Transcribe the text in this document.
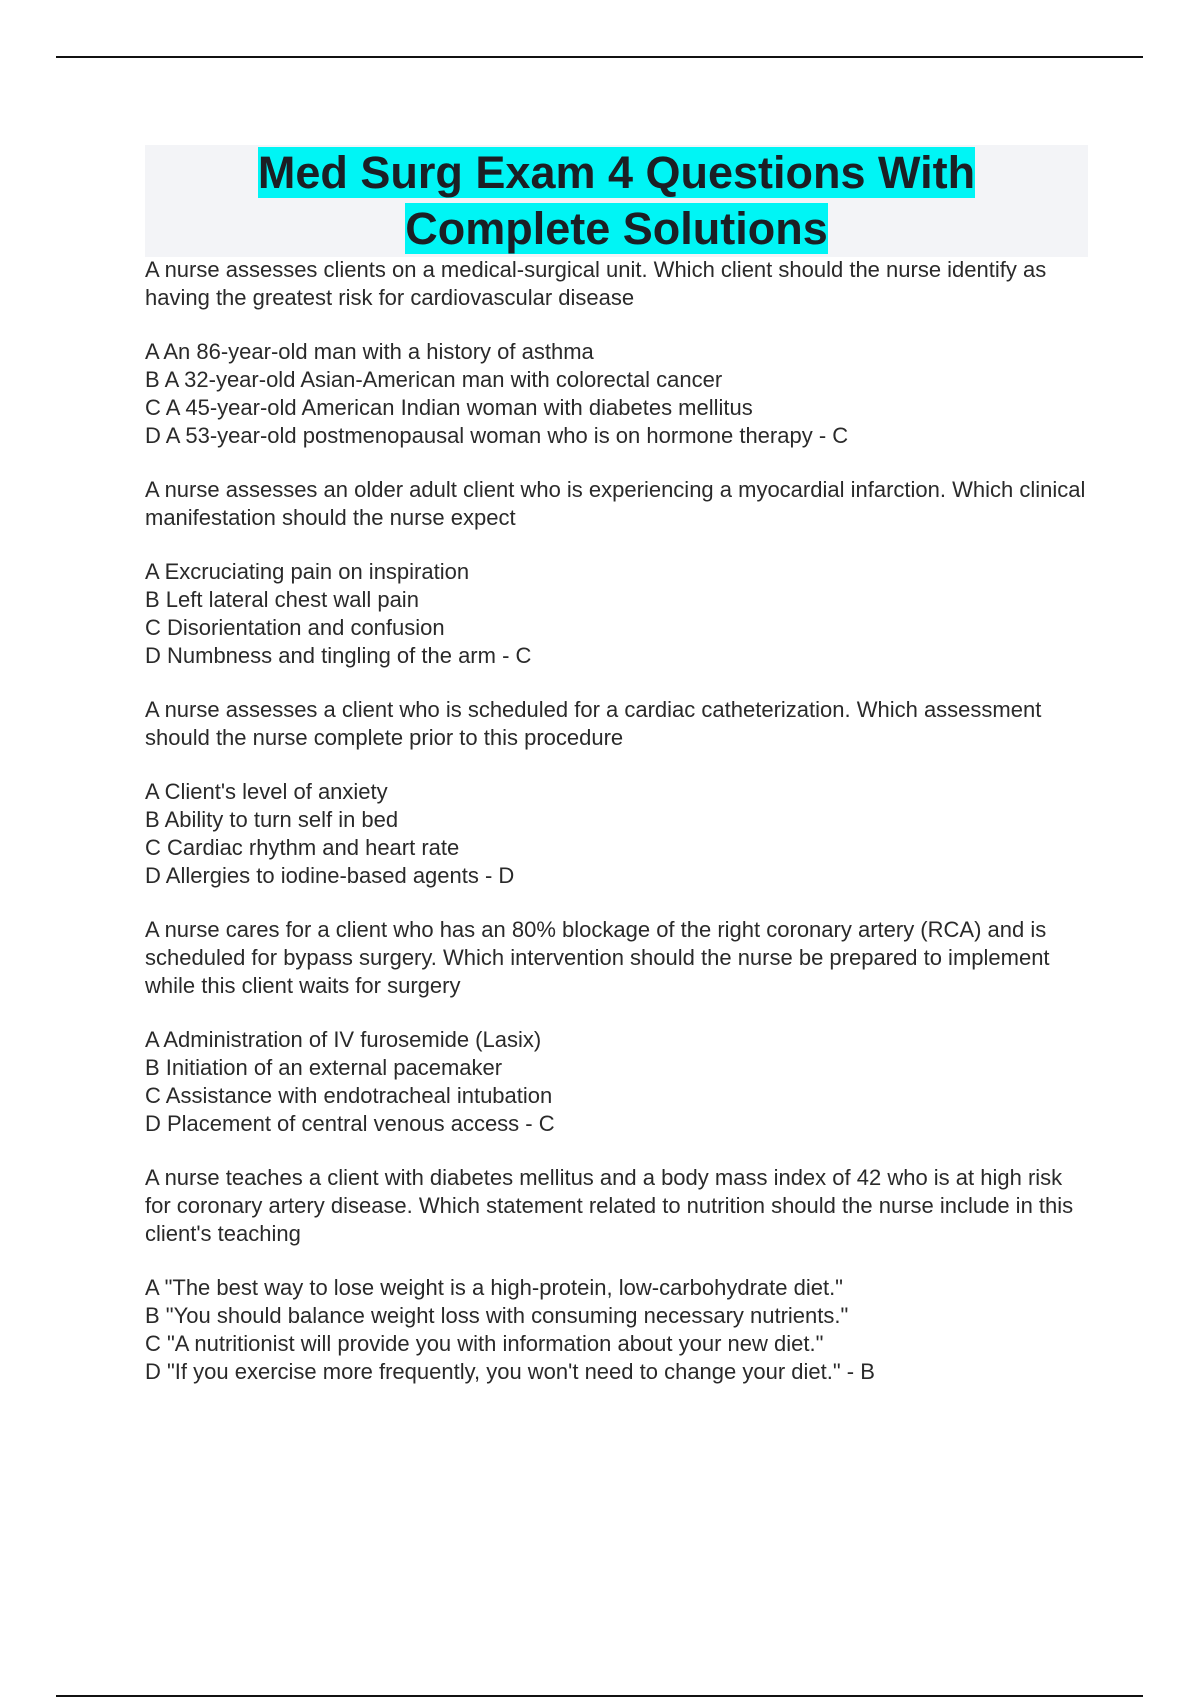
Med Surg Exam 4 Questions With
Complete Solutions
A nurse assesses clients on a medical-surgical unit. Which client should the nurse identify as having the greatest risk for cardiovascular disease
A An 86-year-old man with a history of asthma
B A 32-year-old Asian-American man with colorectal cancer
C A 45-year-old American Indian woman with diabetes mellitus
D A 53-year-old postmenopausal woman who is on hormone therapy - C
A nurse assesses an older adult client who is experiencing a myocardial infarction. Which clinical manifestation should the nurse expect
A Excruciating pain on inspiration
B Left lateral chest wall pain
C Disorientation and confusion
D Numbness and tingling of the arm - C
A nurse assesses a client who is scheduled for a cardiac catheterization. Which assessment should the nurse complete prior to this procedure
A Client's level of anxiety
B Ability to turn self in bed
C Cardiac rhythm and heart rate
D Allergies to iodine-based agents - D
A nurse cares for a client who has an 80% blockage of the right coronary artery (RCA) and is scheduled for bypass surgery. Which intervention should the nurse be prepared to implement while this client waits for surgery
A Administration of IV furosemide (Lasix)
B Initiation of an external pacemaker
C Assistance with endotracheal intubation
D Placement of central venous access - C
A nurse teaches a client with diabetes mellitus and a body mass index of 42 who is at high risk for coronary artery disease. Which statement related to nutrition should the nurse include in this client's teaching
A "The best way to lose weight is a high-protein, low-carbohydrate diet."
B "You should balance weight loss with consuming necessary nutrients."
C "A nutritionist will provide you with information about your new diet."
D "If you exercise more frequently, you won't need to change your diet." - B
